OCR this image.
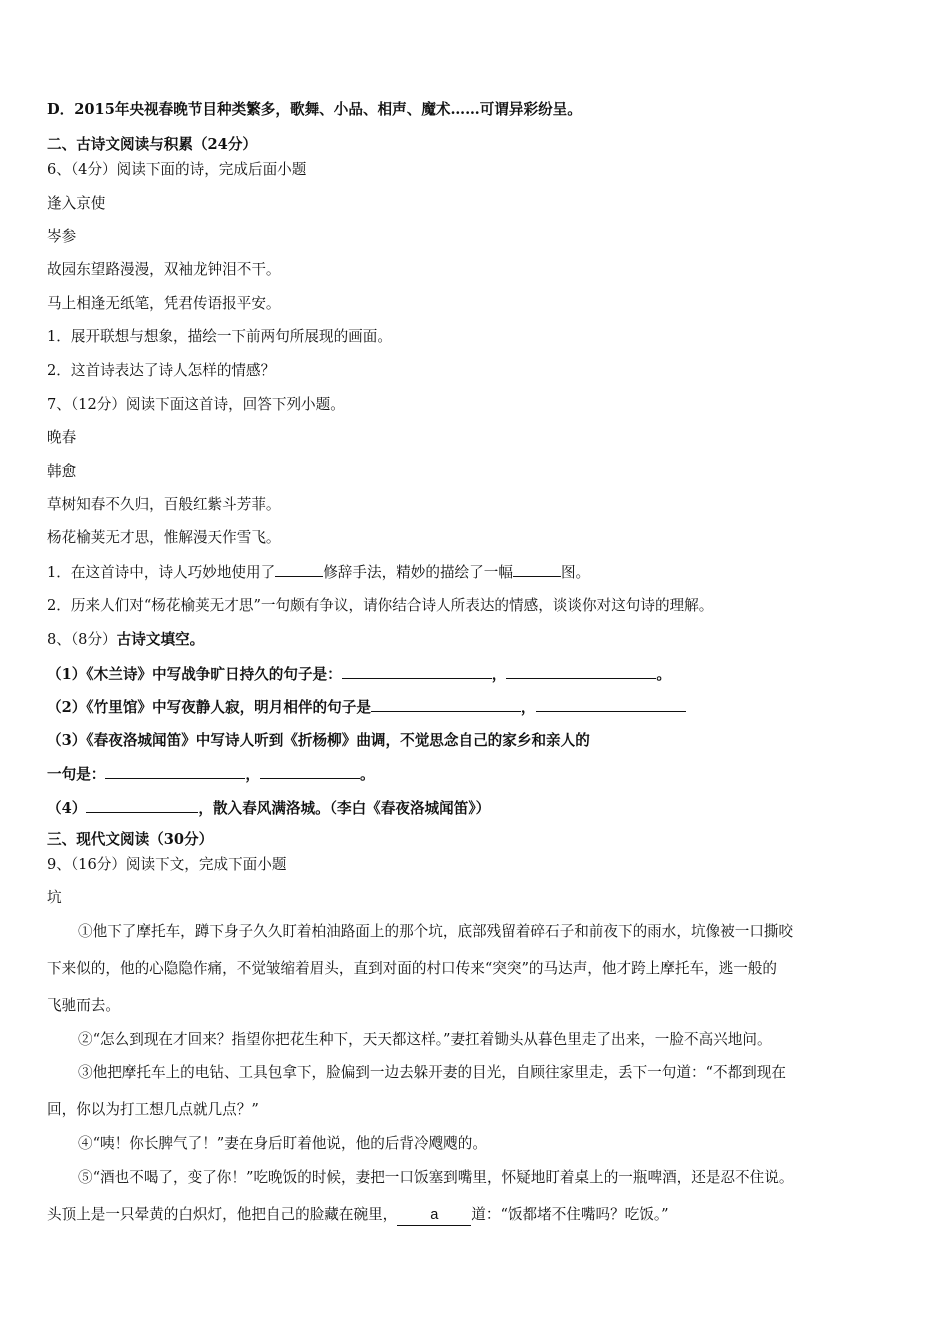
D．2015年央视春晚节目种类繁多，歌舞、小品、相声、魔术……可谓异彩纷呈。
二、古诗文阅读与积累（24分）
6、（4分）阅读下面的诗，完成后面小题
逢入京使
岑参
故园东望路漫漫，双袖龙钟泪不干。
马上相逢无纸笔，凭君传语报平安。
1．展开联想与想象，描绘一下前两句所展现的画面。
2．这首诗表达了诗人怎样的情感？
7、（12分）阅读下面这首诗，回答下列小题。
晚春
韩愈
草树知春不久归，百般红紫斗芳菲。
杨花榆荚无才思，惟解漫天作雪飞。
1．在这首诗中，诗人巧妙地使用了	修辞手法，精妙的描绘了一幅	图。
2．历来人们对“杨花榆荚无才思”一句颇有争议，请你结合诗人所表达的情感，谈谈你对这句诗的理解。
8、（8分）古诗文填空。
（1）《木兰诗》中写战争旷日持久的句子是：	，	。
（2）《竹里馆》中写夜静人寂，明月相伴的句子是	，
（3）《春夜洛城闻笛》中写诗人听到《折杨柳》曲调，不觉思念自己的家乡和亲人的
一句是：	，	。
（4）	，散入春风满洛城。（李白《春夜洛城闻笛》）
三、现代文阅读（30分）
9、（16分）阅读下文，完成下面小题
坑
①他下了摩托车，蹲下身子久久盯着柏油路面上的那个坑，底部残留着碎石子和前夜下的雨水，坑像被一口撕咬
下来似的，他的心隐隐作痛，不觉皱缩着眉头，直到对面的村口传来“突突”的马达声，他才跨上摩托车，逃一般的
飞驰而去。
②“怎么到现在才回来？指望你把花生种下，天天都这样。”妻扛着锄头从暮色里走了出来，一脸不高兴地问。
③他把摩托车上的电钻、工具包拿下，脸偏到一边去躲开妻的目光，自顾往家里走，丢下一句道：“不都到现在
回，你以为打工想几点就几点？”
④“咦！你长脾气了！”妻在身后盯着他说，他的后背冷飕飕的。
⑤“酒也不喝了，变了你！”吃晚饭的时候，妻把一口饭塞到嘴里，怀疑地盯着桌上的一瓶啤酒，还是忍不住说。
头顶上是一只晕黄的白炽灯，他把自己的脸藏在碗里， a 道：“饭都堵不住嘴吗？吃饭。”
